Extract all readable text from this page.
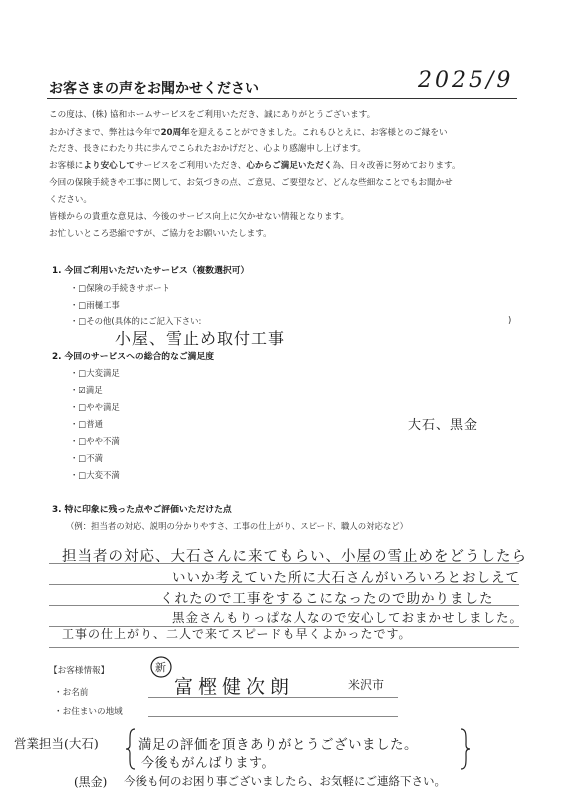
お客さまの声をお聞かせください	2025/9
この度は、(株) 協和ホームサービスをご利用いただき、誠にありがとうございます。
おかげさまで、弊社は今年で20周年を迎えることができました。これもひとえに、お客様とのご縁をい
ただき、長きにわたり共に歩んでこられたおかげだと、心より感謝申し上げます。
お客様により安心してサービスをご利用いただき、心からご満足いただく為、日々改善に努めております。
今回の保険手続きや工事に関して、お気づきの点、ご意見、ご要望など、どんな些細なことでもお聞かせ
ください。
皆様からの貴重な意見は、今後のサービス向上に欠かせない情報となります。
お忙しいところ恐縮ですが、ご協力をお願いいたします。
1. 今回ご利用いただいたサービス（複数選択可）
・□保険の手続きサポート
・□雨樋工事
・□その他(具体的にご記入下さい:	)
小屋、雪止め取付工事
2. 今回のサービスへの総合的なご満足度
・□大変満足
・☑満足
・□やや満足
・□普通
・□やや不満
・□不満
・□大変不満
大石、黒金
3. 特に印象に残った点やご評価いただけた点
（例：担当者の対応、説明の分かりやすさ、工事の仕上がり、スピード、職人の対応など）
担当者の対応、大石さんに来てもらい、小屋の雪止めをどうしたら
いいか考えていた所に大石さんがいろいろとおしえて
くれたので工事をするこになったので助かりました
黒金さんもりっぱな人なので安心しておまかせしました。
工事の仕上がり、二人で来てスピードも早くよかったです。
【お客様情報】
・お名前
・お住まいの地域
新
富樫健次朗	米沢市
営業担当(大石)	満足の評価を頂きありがとうございました。
今後もがんばります。
(黒金) 今後も何のお困り事ございましたら、お気軽にご連絡下さい。
